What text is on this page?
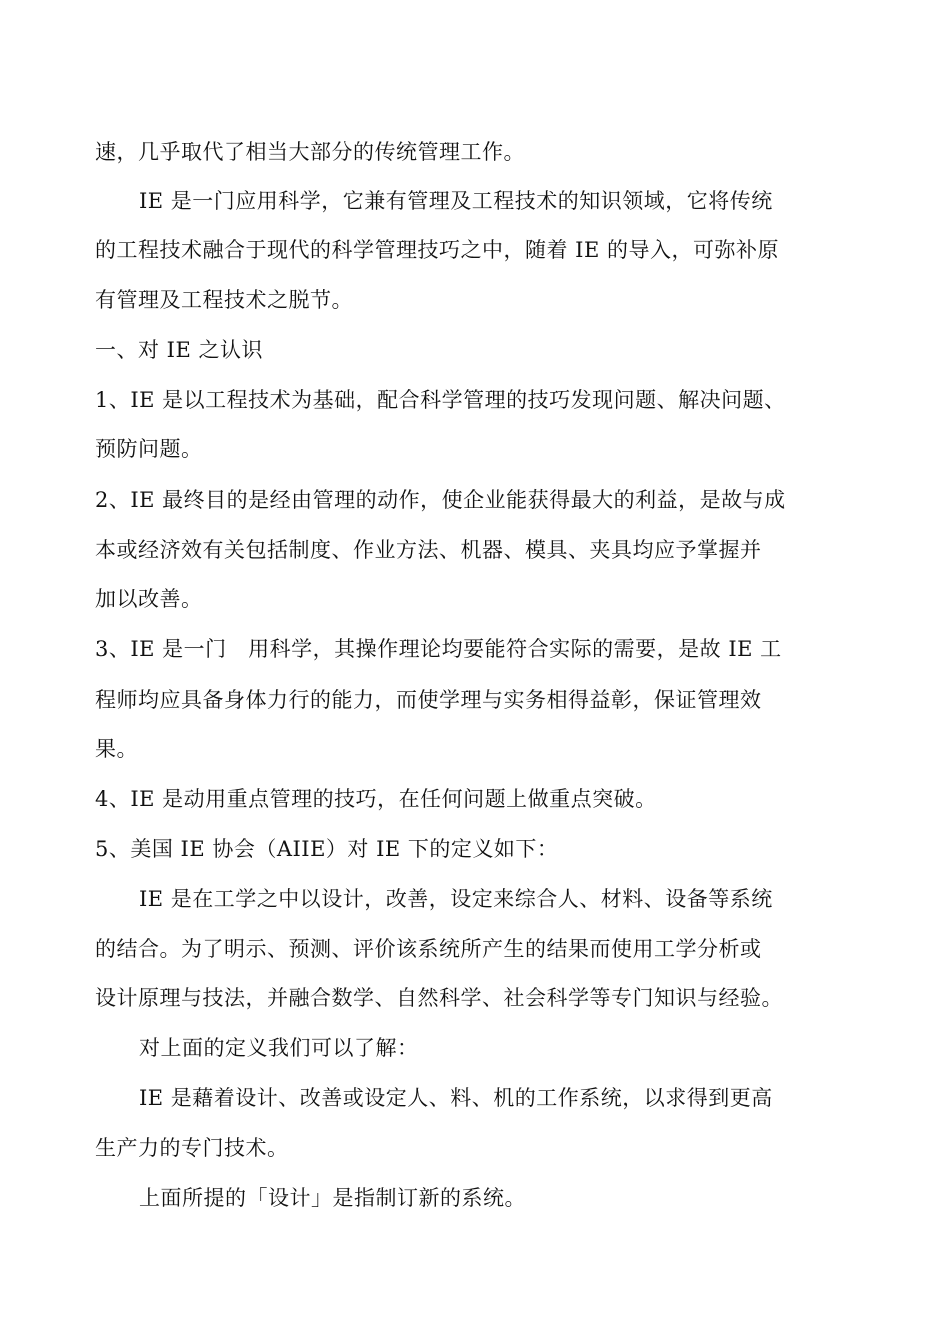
速，几乎取代了相当大部分的传统管理工作。
IE 是一门应用科学，它兼有管理及工程技术的知识领域，它将传统
的工程技术融合于现代的科学管理技巧之中，随着 IE 的导入，可弥补原
有管理及工程技术之脱节。
一、对 IE 之认识
1、IE 是以工程技术为基础，配合科学管理的技巧发现问题、解决问题、
预防问题。
2、IE 最终目的是经由管理的动作，使企业能获得最大的利益，是故与成
本或经济效有关包括制度、作业方法、机器、模具、夹具均应予掌握并
加以改善。
3、IE 是一门　用科学，其操作理论均要能符合实际的需要，是故 IE 工
程师均应具备身体力行的能力，而使学理与实务相得益彰，保证管理效
果。
4、IE 是动用重点管理的技巧，在任何问题上做重点突破。
5、美国 IE 协会（AIIE）对 IE 下的定义如下：
IE 是在工学之中以设计，改善，设定来综合人、材料、设备等系统
的结合。为了明示、预测、评价该系统所产生的结果而使用工学分析或
设计原理与技法，并融合数学、自然科学、社会科学等专门知识与经验。
对上面的定义我们可以了解：
IE 是藉着设计、改善或设定人、料、机的工作系统，以求得到更高
生产力的专门技术。
上面所提的「设计」是指制订新的系统。
